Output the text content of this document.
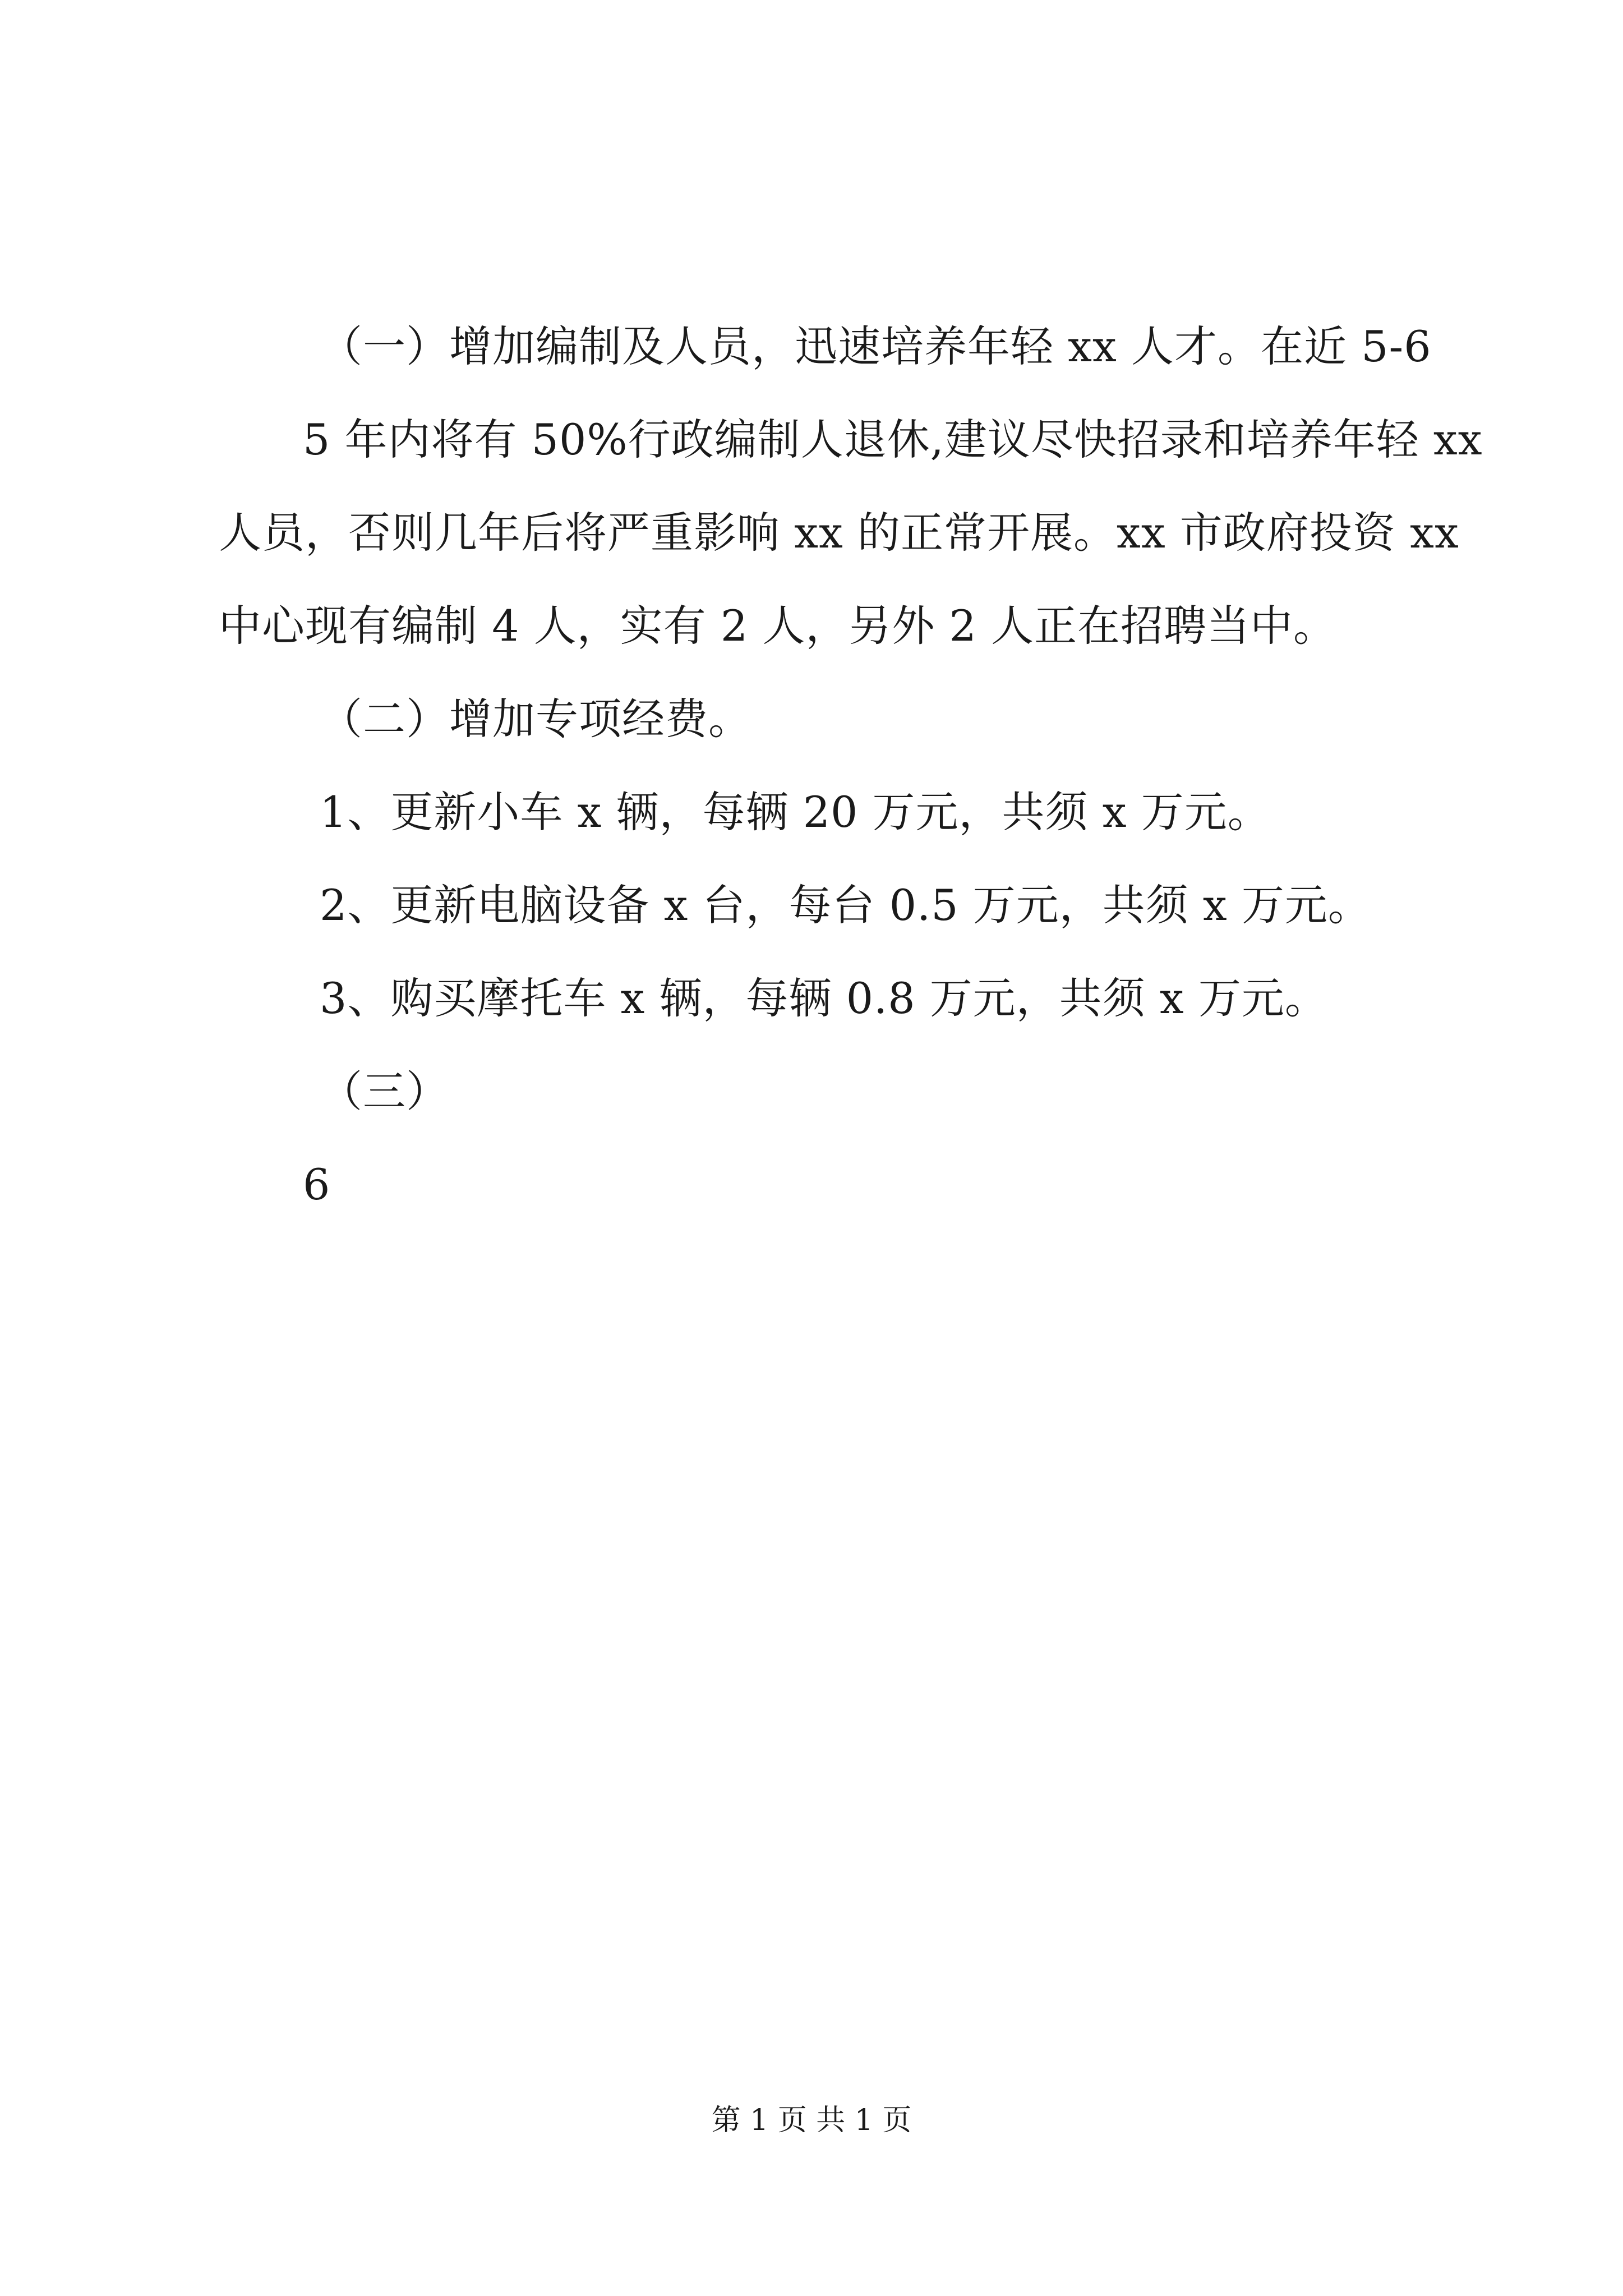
（一）增加编制及人员，迅速培养年轻 xx 人才。在近 5-6
5 年内将有 50%行政编制人退休,建议尽快招录和培养年轻 xx
人员，否则几年后将严重影响 xx 的正常开展。xx 市政府投资 xx
中心现有编制 4 人，实有 2 人，另外 2 人正在招聘当中。
（二）增加专项经费。
1、更新小车 x 辆，每辆 20 万元，共须 x 万元。
2、更新电脑设备 x 台，每台 0.5 万元，共须 x 万元。
3、购买摩托车 x 辆，每辆 0.8 万元，共须 x 万元。
（三）
6
第 1 页 共 1 页
